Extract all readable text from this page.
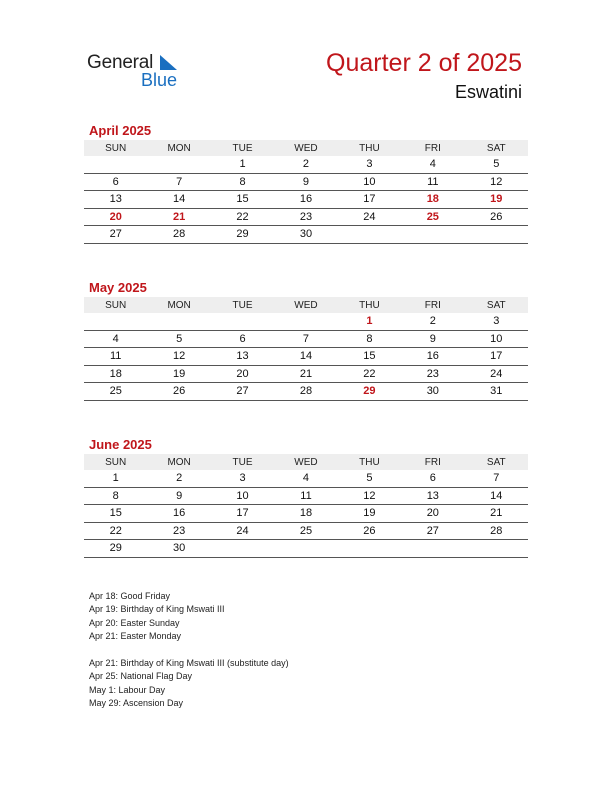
General
Blue
Quarter 2 of 2025
Eswatini
April 2025
SUN	MON	TUE	WED	THU	FRI	SAT
		1	2	3	4	5
6	7	8	9	10	11	12
13	14	15	16	17	18	19
20	21	22	23	24	25	26
27	28	29	30			
May 2025
SUN	MON	TUE	WED	THU	FRI	SAT
				1	2	3
4	5	6	7	8	9	10
11	12	13	14	15	16	17
18	19	20	21	22	23	24
25	26	27	28	29	30	31
June 2025
SUN	MON	TUE	WED	THU	FRI	SAT
1	2	3	4	5	6	7
8	9	10	11	12	13	14
15	16	17	18	19	20	21
22	23	24	25	26	27	28
29	30					
Apr 18: Good Friday
Apr 19: Birthday of King Mswati III
Apr 20: Easter Sunday
Apr 21: Easter Monday
Apr 21: Birthday of King Mswati III (substitute day)
Apr 25: National Flag Day
May 1: Labour Day
May 29: Ascension Day
